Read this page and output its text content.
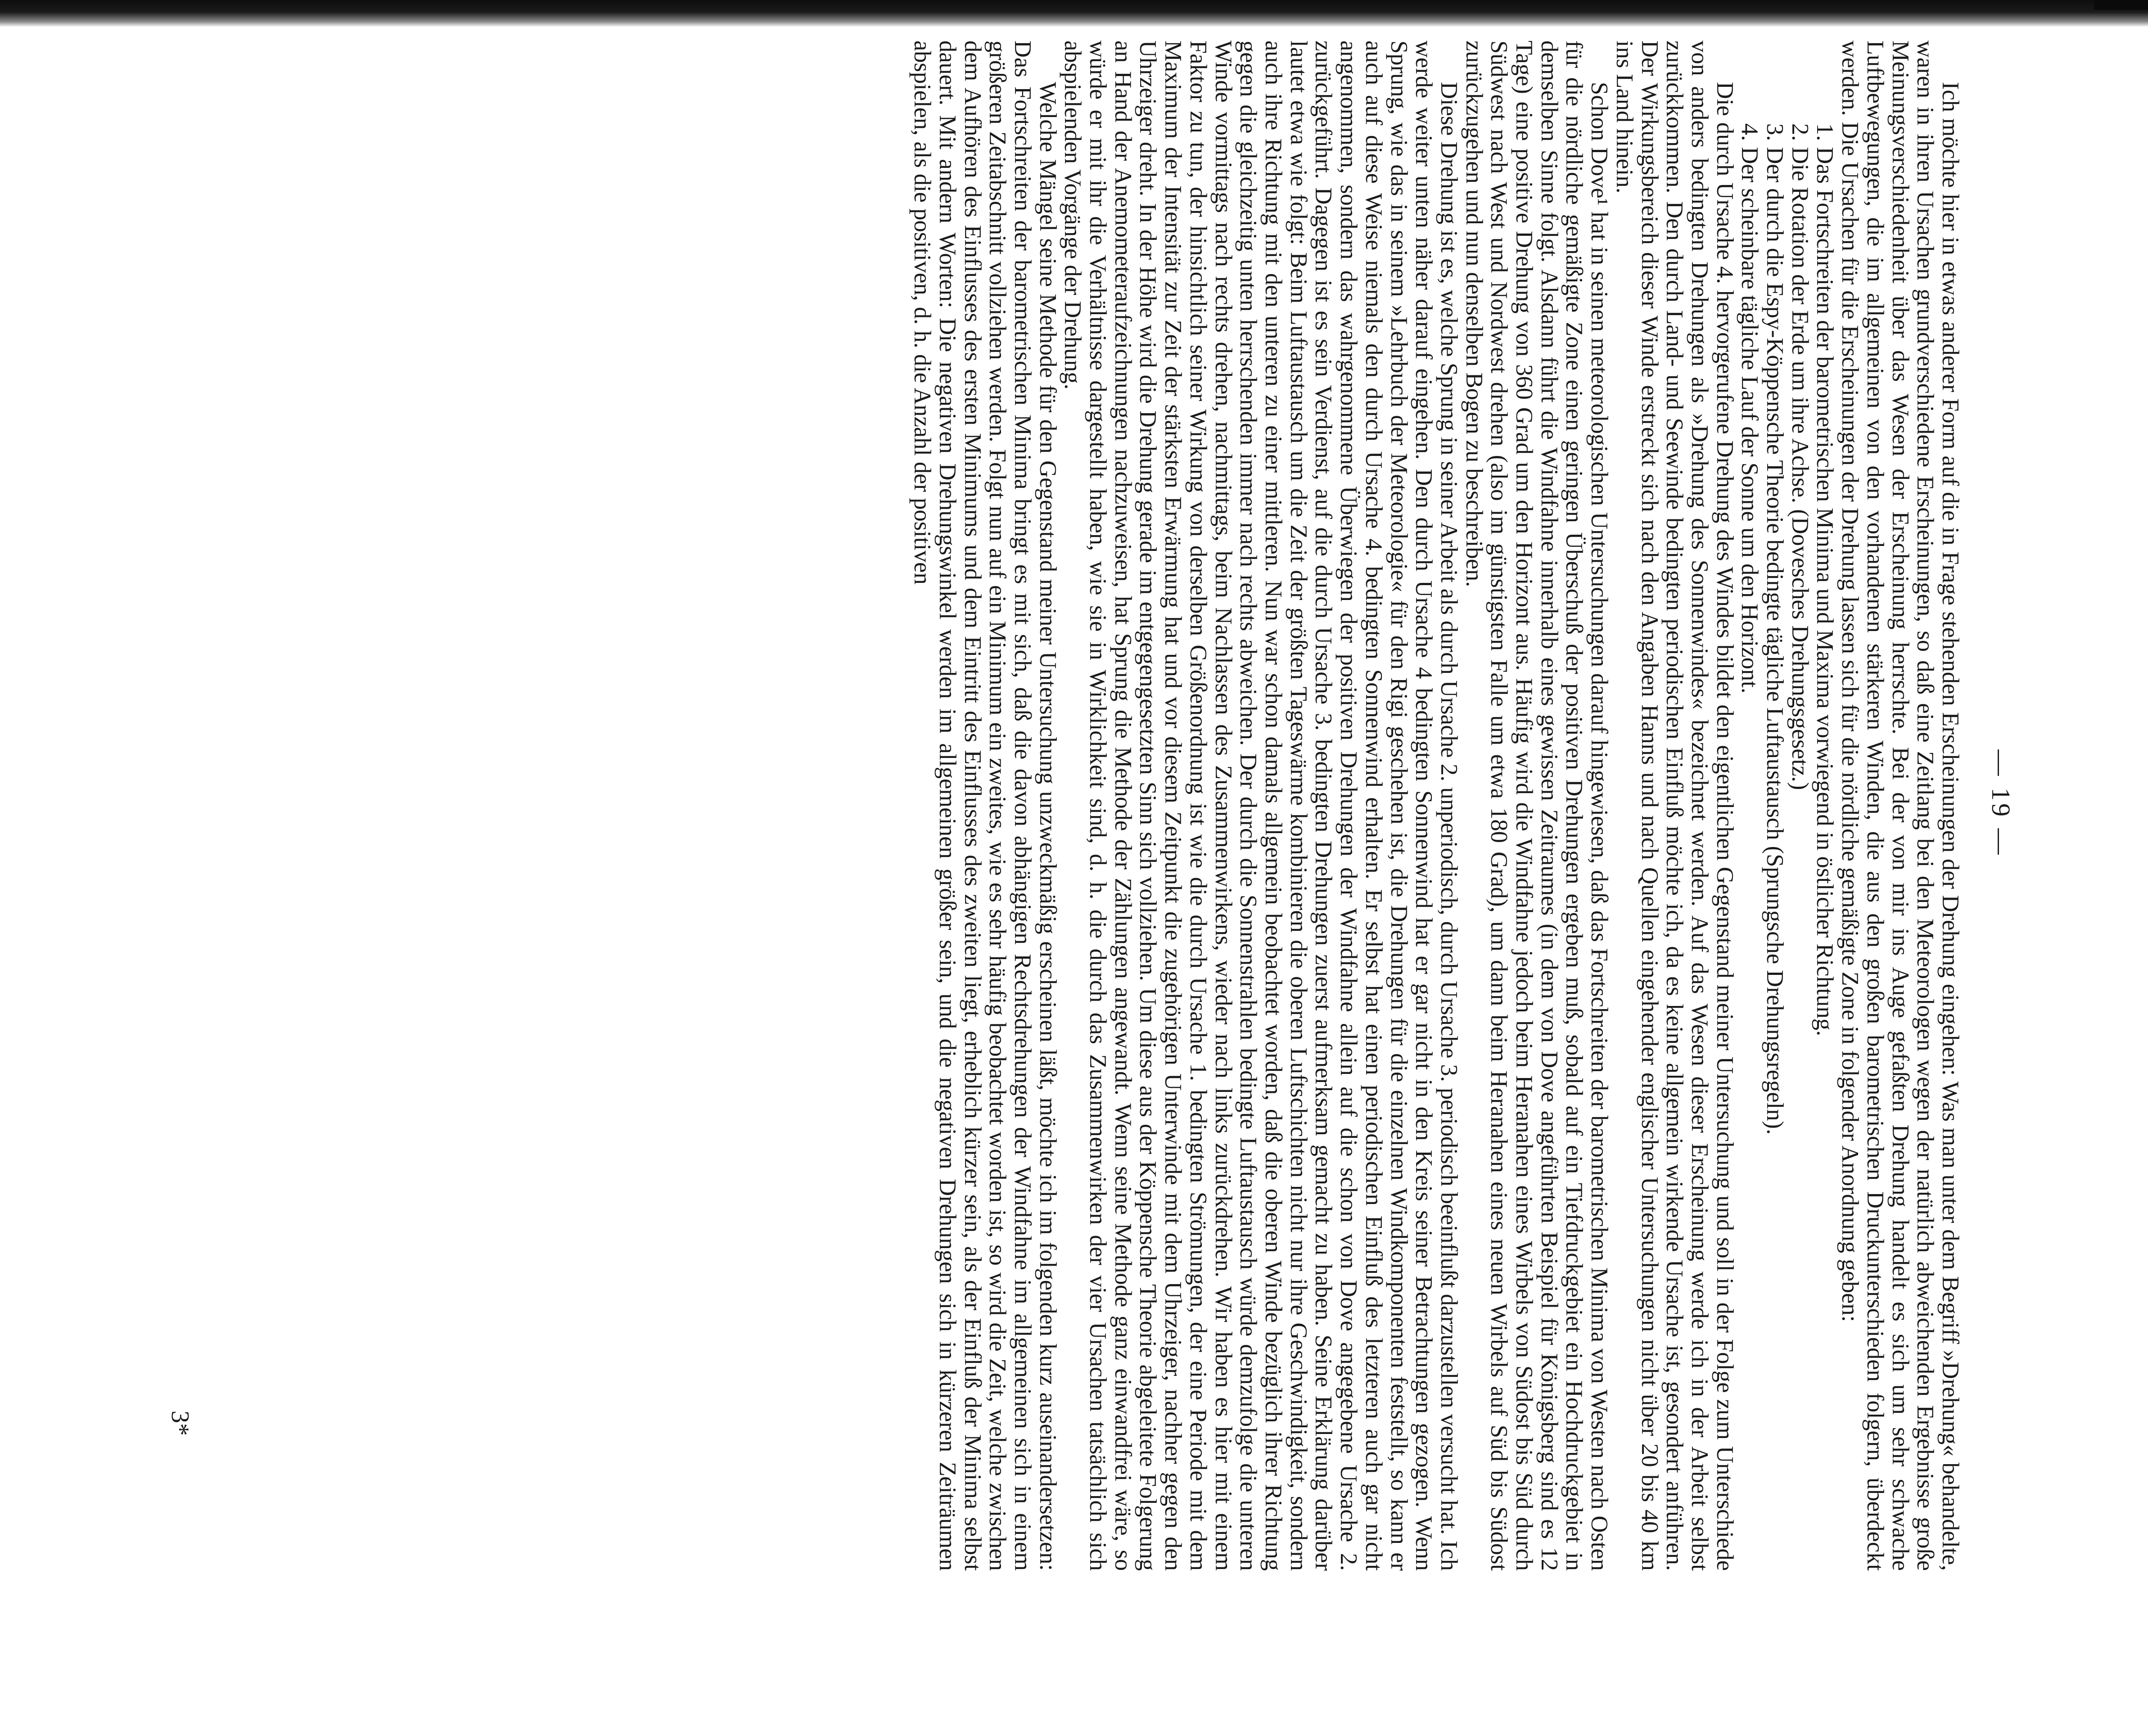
— 19 —

Ich möchte hier in etwas anderer Form auf die in Frage stehenden Erscheinungen der Drehung eingehen: Was man unter dem Begriff »Drehung« behandelte, waren in ihren Ursachen grundverschiedene Erscheinungen, so daß eine Zeitlang bei den Meteorologen wegen der natürlich abweichenden Ergebnisse große Meinungsverschiedenheit über das Wesen der Erscheinung herrschte. Bei der von mir ins Auge gefaßten Drehung handelt es sich um sehr schwache Luftbewegungen, die im allgemeinen von den vorhandenen stärkeren Winden, die aus den großen barometrischen Druckunterschieden folgern, überdeckt werden. Die Ursachen für die Erscheinungen der Drehung lassen sich für die nördliche gemäßigte Zone in folgender Anordnung geben:

1. Das Fortschreiten der barometrischen Minima und Maxima vorwiegend in östlicher Richtung.

2. Die Rotation der Erde um ihre Achse. (Dovesches Drehungsgesetz.)

3. Der durch die Espy-Köppensche Theorie bedingte tägliche Luftaustausch (Sprungsche Drehungsregeln).

4. Der scheinbare tägliche Lauf der Sonne um den Horizont.

Die durch Ursache 4. hervorgerufene Drehung des Windes bildet den eigentlichen Gegenstand meiner Untersuchung und soll in der Folge zum Unterschiede von anders bedingten Drehungen als »Drehung des Sonnenwindes« bezeichnet werden. Auf das Wesen dieser Erscheinung werde ich in der Arbeit selbst zurückkommen. Den durch Land- und Seewinde bedingten periodischen Einfluß möchte ich, da es keine allgemein wirkende Ursache ist, gesondert anführen. Der Wirkungsbereich dieser Winde erstreckt sich nach den Angaben Hanns und nach Quellen eingehender englischer Untersuchungen nicht über 20 bis 40 km ins Land hinein.

Schon Dove¹ hat in seinen meteorologischen Untersuchungen darauf hingewiesen, daß das Fortschreiten der barometrischen Minima von Westen nach Osten für die nördliche gemäßigte Zone einen geringen Überschuß der positiven Drehungen ergeben muß, sobald auf ein Tiefdruckgebiet ein Hochdruckgebiet in demselben Sinne folgt. Alsdann führt die Windfahne innerhalb eines gewissen Zeitraumes (in dem von Dove angeführten Beispiel für Königsberg sind es 12 Tage) eine positive Drehung von 360 Grad um den Horizont aus. Häufig wird die Windfahne jedoch beim Heranahen eines Wirbels von Südost bis Süd durch Südwest nach West und Nordwest drehen (also im günstigsten Falle um etwa 180 Grad), um dann beim Heranahen eines neuen Wirbels auf Süd bis Südost zurückzugehen und nun denselben Bogen zu beschreiben.

Diese Drehung ist es, welche Sprung in seiner Arbeit als durch Ursache 2. unperiodisch, durch Ursache 3. periodisch beeinflußt darzustellen versucht hat. Ich werde weiter unten näher darauf eingehen. Den durch Ursache 4 bedingten Sonnenwind hat er gar nicht in den Kreis seiner Betrachtungen gezogen. Wenn Sprung, wie das in seinem »Lehrbuch der Meteorologie« für den Rigi geschehen ist, die Drehungen für die einzelnen Windkomponenten feststellt, so kann er auch auf diese Weise niemals den durch Ursache 4. bedingten Sonnenwind erhalten. Er selbst hat einen periodischen Einfluß des letzteren auch gar nicht angenommen, sondern das wahrgenommene Überwiegen der positiven Drehungen der Windfahne allein auf die schon von Dove angegebene Ursache 2. zurückgeführt. Dagegen ist es sein Verdienst, auf die durch Ursache 3. bedingten Drehungen zuerst aufmerksam gemacht zu haben. Seine Erklärung darüber lautet etwa wie folgt: Beim Luftaustausch um die Zeit der größten Tageswärme kombinieren die oberen Luftschichten nicht nur ihre Geschwindigkeit, sondern auch ihre Richtung mit den unteren zu einer mittleren. Nun war schon damals allgemein beobachtet worden, daß die oberen Winde bezüglich ihrer Richtung gegen die gleichzeitig unten herrschenden immer nach rechts abweichen. Der durch die Sonnenstrahlen bedingte Luftaustausch würde demzufolge die unteren Winde vormittags nach rechts drehen, nachmittags, beim Nachlassen des Zusammenwirkens, wieder nach links zurückdrehen. Wir haben es hier mit einem Faktor zu tun, der hinsichtlich seiner Wirkung von derselben Größenordnung ist wie die durch Ursache 1. bedingten Strömungen, der eine Periode mit dem Maximum der Intensität zur Zeit der stärksten Erwärmung hat und vor diesem Zeitpunkt die zugehörigen Unterwinde mit dem Uhrzeiger, nachher gegen den Uhrzeiger dreht. In der Höhe wird die Drehung gerade im entgegengesetzten Sinn sich vollziehen. Um diese aus der Köppensche Theorie abgeleitete Folgerung an Hand der Anemometeraufzeichnungen nachzuweisen, hat Sprung die Methode der Zählungen angewandt. Wenn seine Methode ganz einwandfrei wäre, so würde er mit ihr die Verhältnisse dargestellt haben, wie sie in Wirklichkeit sind, d. h. die durch das Zusammenwirken der vier Ursachen tatsächlich sich abspielenden Vorgänge der Drehung.

Welche Mängel seine Methode für den Gegenstand meiner Untersuchung unzweckmäßig erscheinen läßt, möchte ich im folgenden kurz auseinandersetzen: Das Fortschreiten der barometrischen Minima bringt es mit sich, daß die davon abhängigen Rechtsdrehungen der Windfahne im allgemeinen sich in einem größeren Zeitabschnitt vollziehen werden. Folgt nun auf ein Minimum ein zweites, wie es sehr häufig beobachtet worden ist, so wird die Zeit, welche zwischen dem Aufhören des Einflusses des ersten Minimums und dem Eintritt des Einflusses des zweiten liegt, erheblich kürzer sein, als der Einfluß der Minima selbst dauert. Mit andern Worten: Die negativen Drehungswinkel werden im allgemeinen größer sein, und die negativen Drehungen sich in kürzeren Zeiträumen abspielen, als die positiven, d. h. die Anzahl der positiven

3*
